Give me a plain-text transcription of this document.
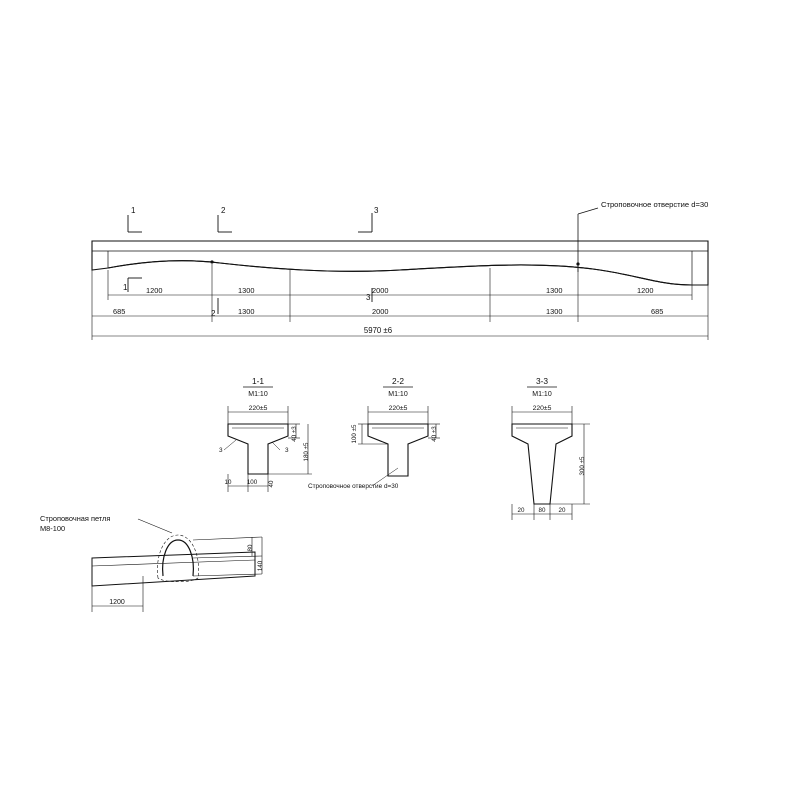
1
1
2
2
3
3
Строповочное отверстие d=30
1200	1300	2000	1300	1200
685	1300	2000	1300	685
5970 ±6
1-1
М1:10
220±5
40 ±3
180 ±5
3	3
10 100 40
2-2
М1:10
220±5
40 ±3
100 ±5
Строповочное отверстие d=30
3-3
М1:10
220±5
300 ±5
20 80 20
Строповочная петля
М8-100
80
140
1200
